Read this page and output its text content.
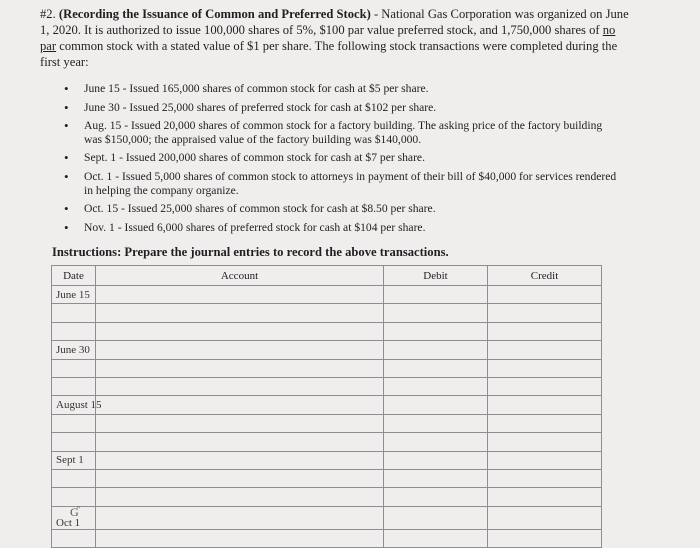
#2. (Recording the Issuance of Common and Preferred Stock) - National Gas Corporation was organized on June 1, 2020. It is authorized to issue 100,000 shares of 5%, $100 par value preferred stock, and 1,750,000 shares of no par common stock with a stated value of $1 per share. The following stock transactions were completed during the first year:
• June 15 - Issued 165,000 shares of common stock for cash at $5 per share.
• June 30 - Issued 25,000 shares of preferred stock for cash at $102 per share.
• Aug. 15 - Issued 20,000 shares of common stock for a factory building. The asking price of the factory building was $150,000; the appraised value of the factory building was $140,000.
• Sept. 1 - Issued 200,000 shares of common stock for cash at $7 per share.
• Oct. 1 - Issued 5,000 shares of common stock to attorneys in payment of their bill of $40,000 for services rendered in helping the company organize.
• Oct. 15 - Issued 25,000 shares of common stock for cash at $8.50 per share.
• Nov. 1 - Issued 6,000 shares of preferred stock for cash at $104 per share.
Instructions: Prepare the journal entries to record the above transactions.
Date	Account	Debit	Credit
June 15			

June 30			

August 15			

Sept 1			

Ɠ
Oct 1			
